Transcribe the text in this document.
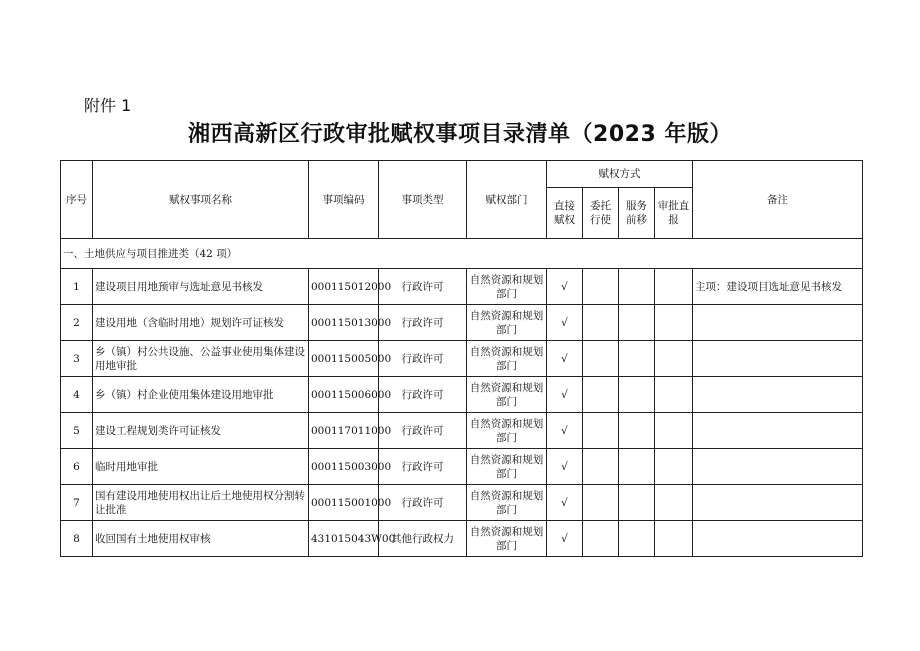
附件 1
湘西高新区行政审批赋权事项目录清单（2023 年版）
序号	赋权事项名称	事项编码	事项类型	赋权部门	赋权方式				备注
					直接赋权	委托行使	服务前移	审批直报	
一、土地供应与项目推进类（42 项）									
1	建设项目用地预审与选址意见书核发	000115012000	行政许可	自然资源和规划部门	√				主项：建设项目选址意见书核发
2	建设用地（含临时用地）规划许可证核发	000115013000	行政许可	自然资源和规划部门	√				
3	乡（镇）村公共设施、公益事业使用集体建设用地审批	000115005000	行政许可	自然资源和规划部门	√				
4	乡（镇）村企业使用集体建设用地审批	000115006000	行政许可	自然资源和规划部门	√				
5	建设工程规划类许可证核发	000117011000	行政许可	自然资源和规划部门	√				
6	临时用地审批	000115003000	行政许可	自然资源和规划部门	√				
7	国有建设用地使用权出让后土地使用权分割转让批准	000115001000	行政许可	自然资源和规划部门	√				
8	收回国有土地使用权审核	431015043W00	其他行政权力	自然资源和规划部门	√				
